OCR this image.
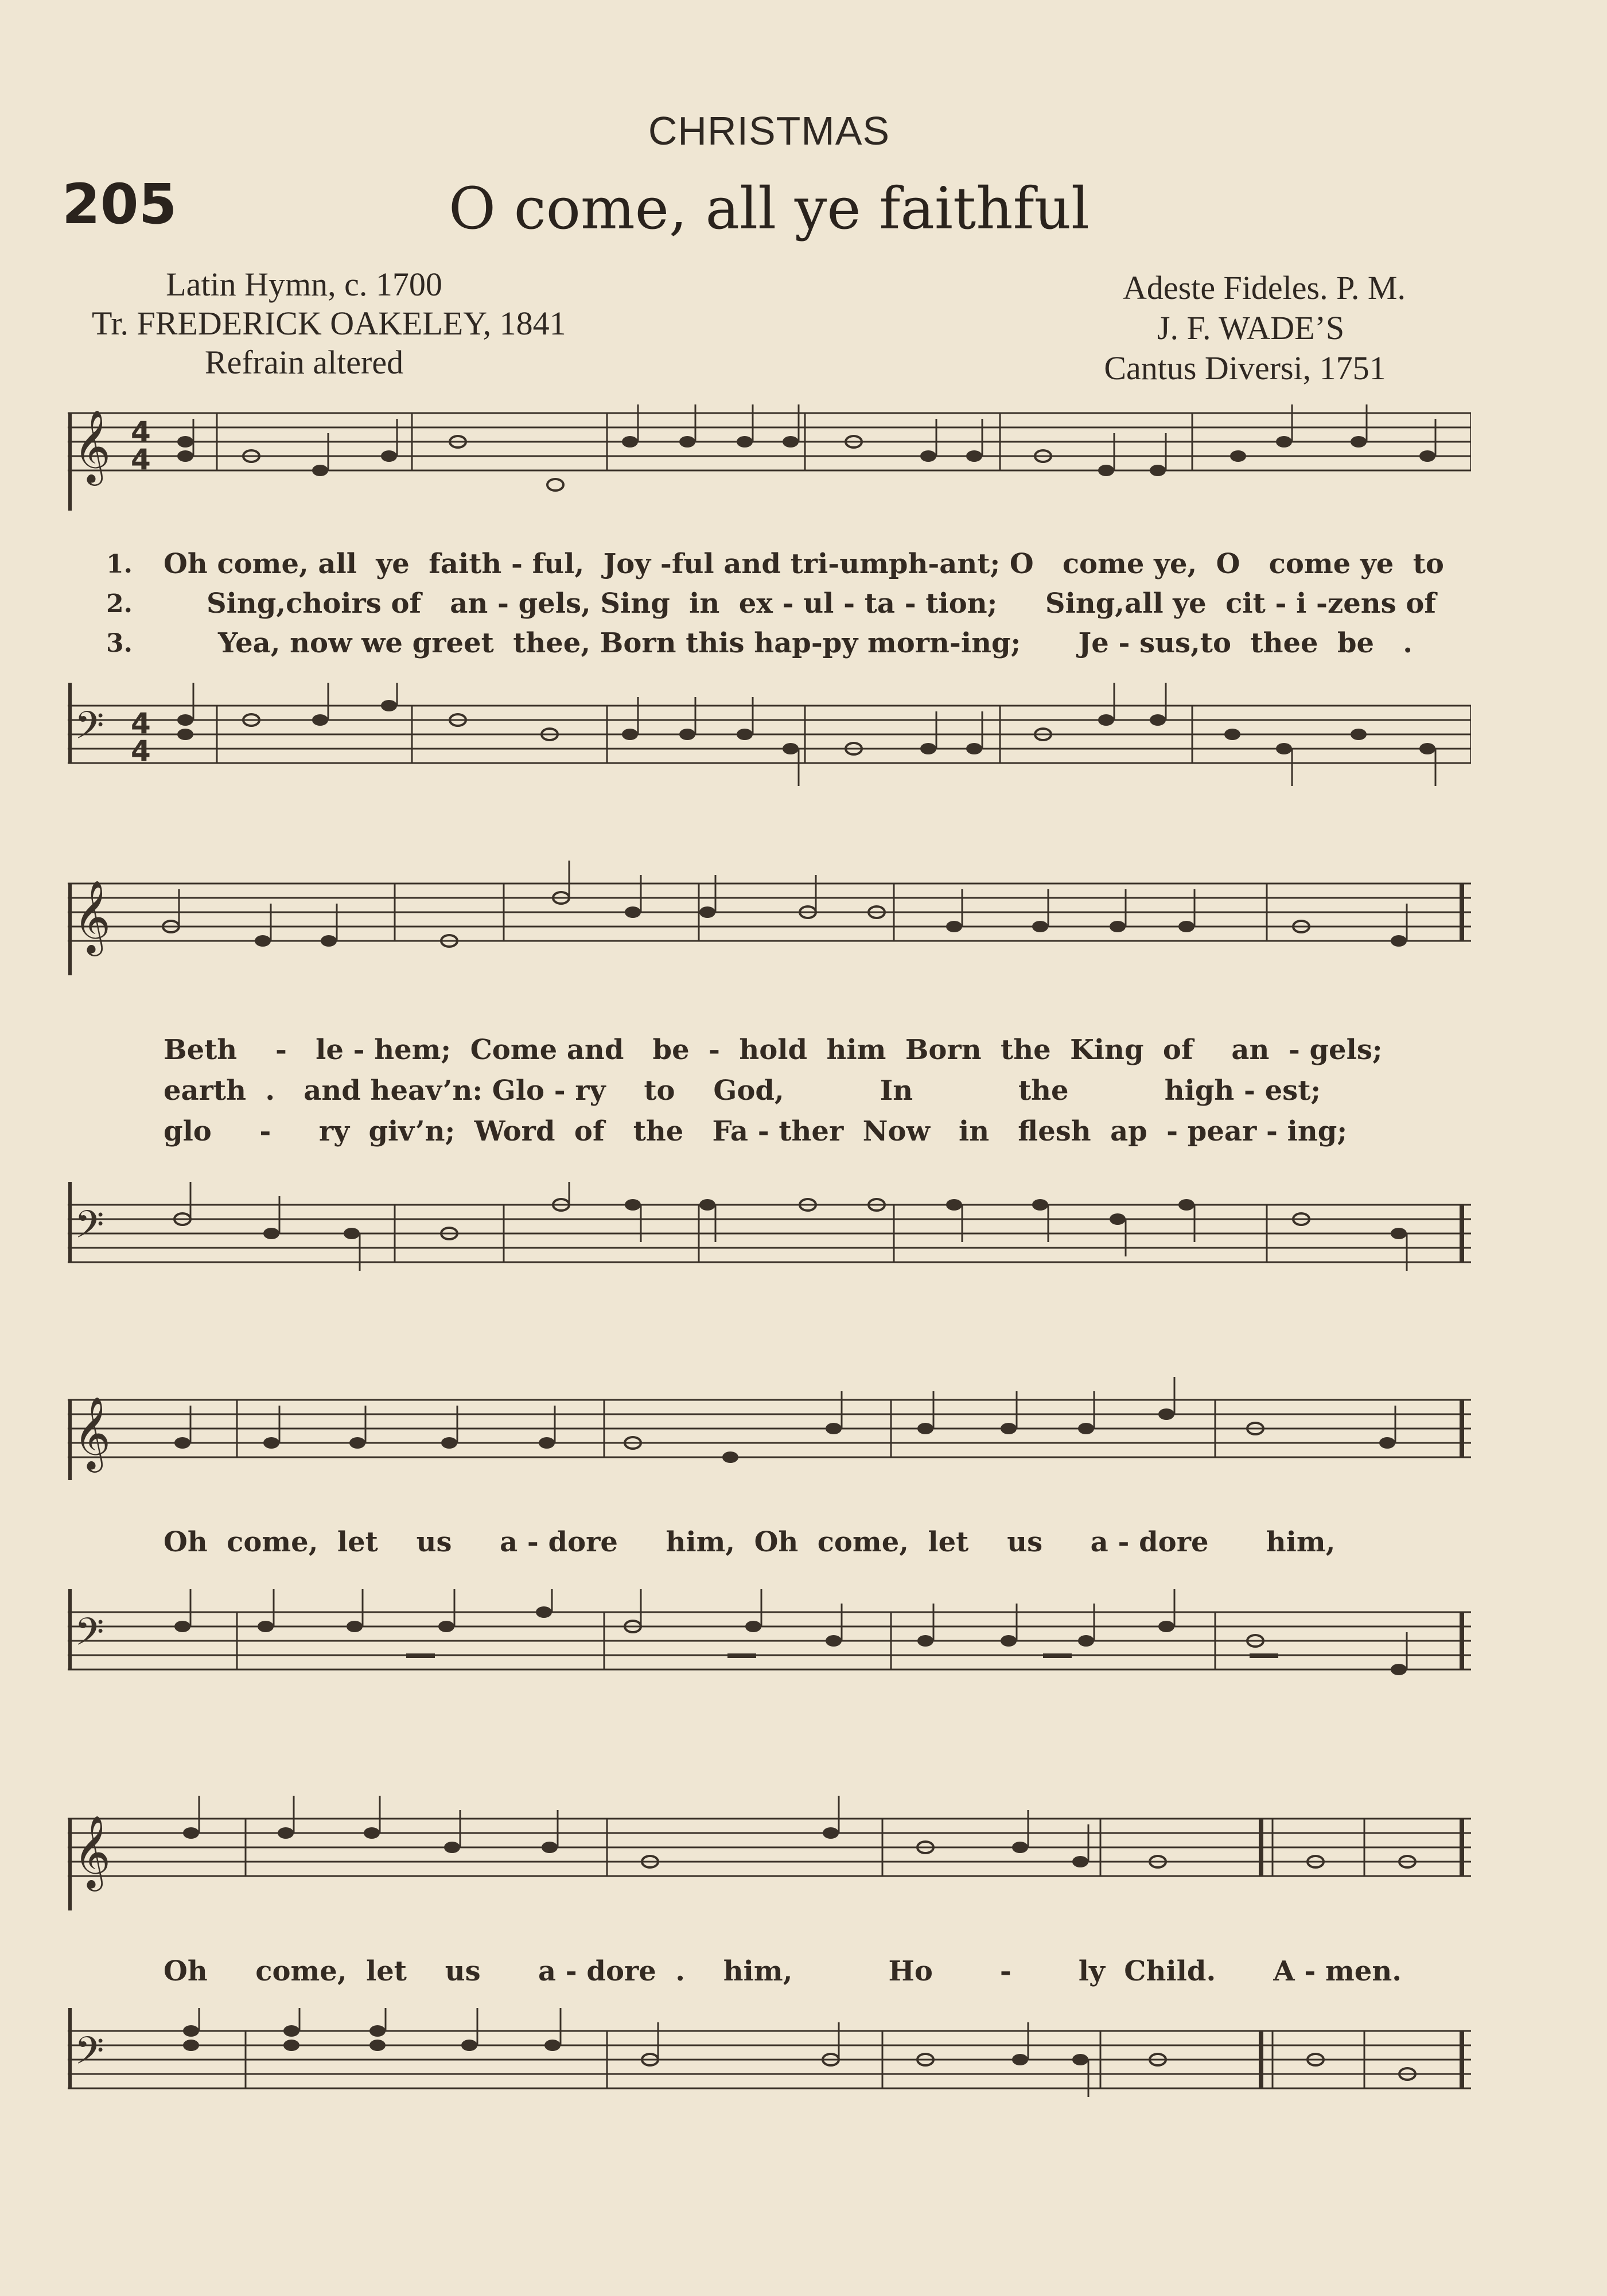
CHRISTMAS
205	O come, all ye faithful
Latin Hymn, c. 1700
Tr. FREDERICK OAKELEY, 1841
Refrain altered
Adeste Fideles. P. M.
J. F. WADE’S
Cantus Diversi, 1751
𝄞 4
4
1.
2.
3.
Oh come, all  ye  faith - ful,  Joy -ful and tri-umph-ant; O   come ye,  O   come ye  to
Sing,choirs of   an - gels, Sing  in  ex - ul - ta - tion;     Sing,all ye  cit - i -zens of
Yea, now we greet  thee, Born this hap-py morn-ing;      Je - sus,to  thee  be   .
𝄢 4
4
𝄞
Beth    -   le - hem;  Come and   be  -  hold  him  Born  the  King  of    an  - gels;
earth  .   and heav’n: Glo - ry    to    God,          In           the          high - est;
glo     -     ry  giv’n;  Word  of   the   Fa - ther  Now   in   flesh  ap  - pear - ing;
𝄢
𝄞
Oh  come,  let    us     a - dore     him,  Oh  come,  let    us     a - dore      him,
𝄢
𝄞
Oh     come,  let    us      a - dore  .    him,          Ho       -       ly  Child.      A - men.
𝄢
